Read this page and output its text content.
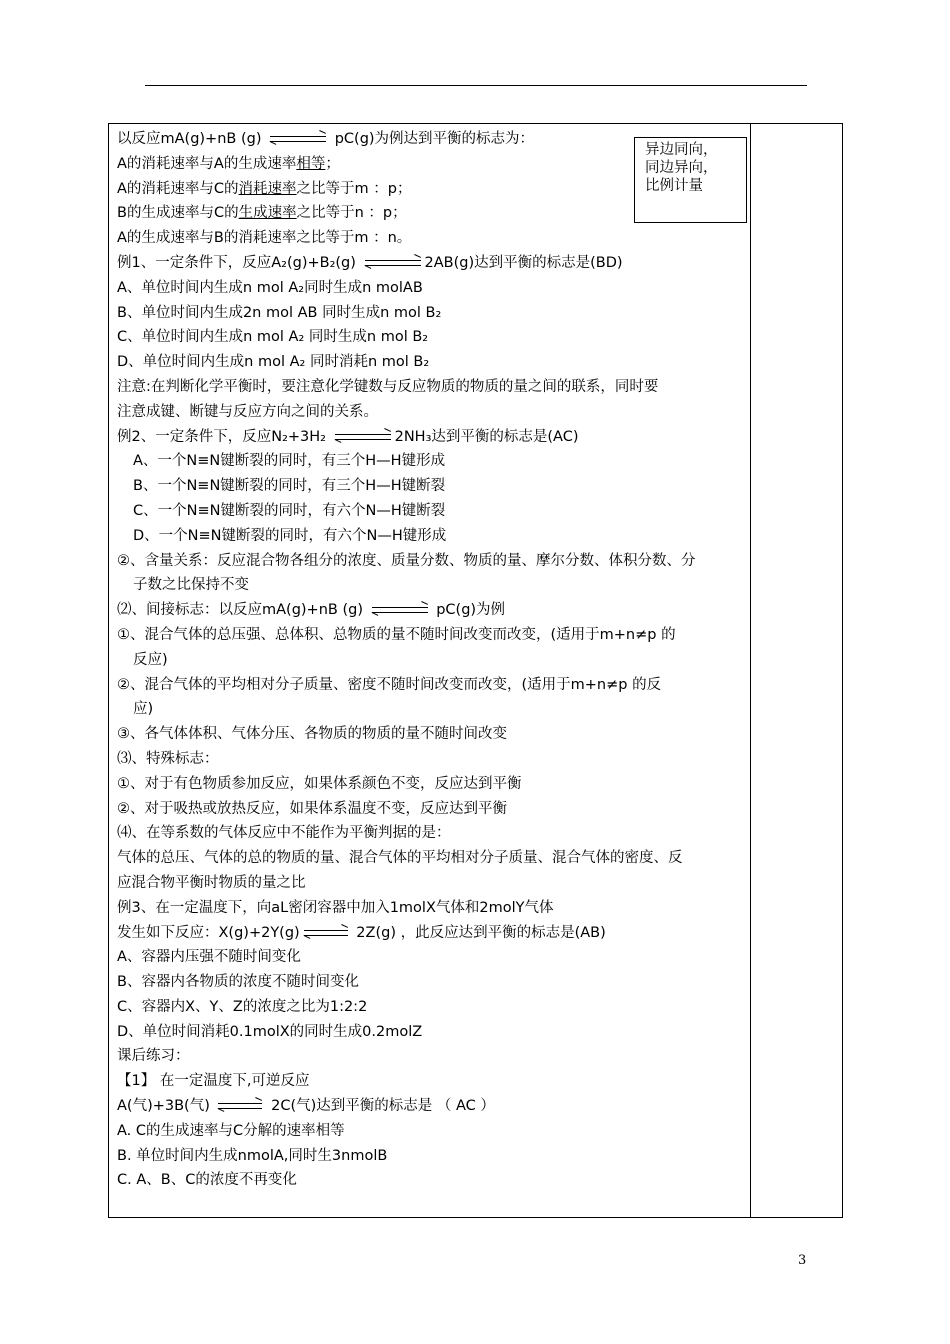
异边同向，
同边异向，
比例计量
以反应mA(g)+nB (g)	pC(g)为例达到平衡的标志为：
A的消耗速率与A的生成速率相等；
A的消耗速率与C的消耗速率之比等于m ：p；
B的生成速率与C的生成速率之比等于n ：p；
A的生成速率与B的消耗速率之比等于m ：n。
例1、一定条件下，反应A₂(g)+B₂(g)	2AB(g)达到平衡的标志是(BD)
A、单位时间内生成n mol A₂同时生成n molAB
B、单位时间内生成2n mol AB 同时生成n mol B₂
C、单位时间内生成n mol A₂ 同时生成n mol B₂
D、单位时间内生成n mol A₂ 同时消耗n mol B₂
注意:在判断化学平衡时，要注意化学键数与反应物质的物质的量之间的联系，同时要
注意成键、断键与反应方向之间的关系。
例2、一定条件下，反应N₂+3H₂	2NH₃达到平衡的标志是(AC)
A、一个N≡N键断裂的同时，有三个H—H键形成
B、一个N≡N键断裂的同时，有三个H—H键断裂
C、一个N≡N键断裂的同时，有六个N—H键断裂
D、一个N≡N键断裂的同时，有六个N—H键形成
②、含量关系：反应混合物各组分的浓度、质量分数、物质的量、摩尔分数、体积分数、分
子数之比保持不变
⑵、间接标志：以反应mA(g)+nB (g)	pC(g)为例
①、混合气体的总压强、总体积、总物质的量不随时间改变而改变，(适用于m+n≠p 的
反应)
②、混合气体的平均相对分子质量、密度不随时间改变而改变，(适用于m+n≠p 的反
应)
③、各气体体积、气体分压、各物质的物质的量不随时间改变
⑶、特殊标志：
①、对于有色物质参加反应，如果体系颜色不变，反应达到平衡
②、对于吸热或放热反应，如果体系温度不变，反应达到平衡
⑷、在等系数的气体反应中不能作为平衡判据的是：
气体的总压、气体的总的物质的量、混合气体的平均相对分子质量、混合气体的密度、反
应混合物平衡时物质的量之比
例3、在一定温度下，向aL密闭容器中加入1molX气体和2molY气体
发生如下反应：X(g)+2Y(g)	2Z(g) ，此反应达到平衡的标志是(AB)
A、容器内压强不随时间变化
B、容器内各物质的浓度不随时间变化
C、容器内X、Y、Z的浓度之比为1:2:2
D、单位时间消耗0.1molX的同时生成0.2molZ
课后练习：
【1】 在一定温度下,可逆反应
A(气)+3B(气)	2C(气)达到平衡的标志是 （ AC ）
A. C的生成速率与C分解的速率相等
B. 单位时间内生成nmolA,同时生3nmolB
C. A、B、C的浓度不再变化
3
